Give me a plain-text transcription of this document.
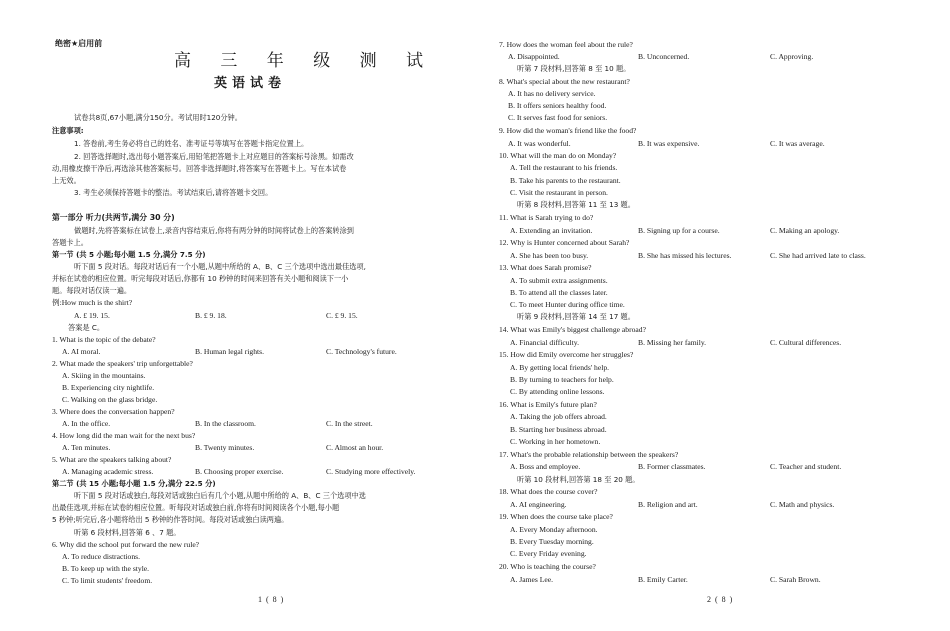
绝密★启用前
高 三 年 级 测 试
英语试卷
试卷共8页,67小题,满分150分。考试用时120分钟。
注意事项:
1. 答卷前,考生务必将自己的姓名、准考证号等填写在答题卡指定位置上。
2. 回答选择题时,选出每小题答案后,用铅笔把答题卡上对应题目的答案标号涂黑。如需改
动,用橡皮擦干净后,再选涂其他答案标号。回答非选择题时,将答案写在答题卡上。写在本试卷
上无效。
3. 考生必须保持答题卡的整洁。考试结束后,请将答题卡交回。
第一部分 听力(共两节,满分 30 分)
做题时,先将答案标在试卷上,录音内容结束后,你将有两分钟的时间将试卷上的答案转涂到
答题卡上。
第一节 (共 5 小题;每小题 1.5 分,满分 7.5 分)
听下面 5 段对话。每段对话后有一个小题,从题中所给的 A、B、C 三个选项中选出最佳选项,
并标在试卷的相应位置。听完每段对话后,你都有 10 秒钟的时间来回答有关小题和阅读下一小
题。每段对话仅读一遍。
例:How much is the shirt?
A. £ 19. 15.	B. £ 9. 18.	C. £ 9. 15.
答案是 C。
1. What is the topic of the debate?
A. AI moral.	B. Human legal rights.	C. Technology's future.
2. What made the speakers' trip unforgettable?
A. Skiing in the mountains.
B. Experiencing city nightlife.
C. Walking on the glass bridge.
3. Where does the conversation happen?
A. In the office.	B. In the classroom.	C. In the street.
4. How long did the man wait for the next bus?
A. Ten minutes.	B. Twenty minutes.	C. Almost an hour.
5. What are the speakers talking about?
A. Managing academic stress.	B. Choosing proper exercise.	C. Studying more effectively.
第二节 (共 15 小题;每小题 1.5 分,满分 22.5 分)
听下面 5 段对话或独白,每段对话或独白后有几个小题,从题中所给的 A、B、C 三个选项中选
出最佳选项,并标在试卷的相应位置。听每段对话或独白前,你将有时间阅读各个小题,每小题
5 秒钟;听完后,各小题将给出 5 秒钟的作答时间。每段对话或独白读两遍。
听第 6 段材料,回答第 6 、7 题。
6. Why did the school put forward the new rule?
A. To reduce distractions.
B. To keep up with the style.
C. To limit students' freedom.
7. How does the woman feel about the rule?
A. Disappointed.	B. Unconcerned.	C. Approving.
听第 7 段材料,回答第 8 至 10 题。
8. What's special about the new restaurant?
A. It has no delivery service.
B. It offers seniors healthy food.
C. It serves fast food for seniors.
9. How did the woman's friend like the food?
A. It was wonderful.	B. It was expensive.	C. It was average.
10. What will the man do on Monday?
A. Tell the restaurant to his friends.
B. Take his parents to the restaurant.
C. Visit the restaurant in person.
听第 8 段材料,回答第 11 至 13 题。
11. What is Sarah trying to do?
A. Extending an invitation.	B. Signing up for a course.	C. Making an apology.
12. Why is Hunter concerned about Sarah?
A. She has been too busy.	B. She has missed his lectures.	C. She had arrived late to class.
13. What does Sarah promise?
A. To submit extra assignments.
B. To attend all the classes later.
C. To meet Hunter during office time.
听第 9 段材料,回答第 14 至 17 题。
14. What was Emily's biggest challenge abroad?
A. Financial difficulty.	B. Missing her family.	C. Cultural differences.
15. How did Emily overcome her struggles?
A. By getting local friends' help.
B. By turning to teachers for help.
C. By attending online lessons.
16. What is Emily's future plan?
A. Taking the job offers abroad.
B. Starting her business abroad.
C. Working in her hometown.
17. What's the probable relationship between the speakers?
A. Boss and employee.	B. Former classmates.	C. Teacher and student.
听第 10 段材料,回答第 18 至 20 题。
18. What does the course cover?
A. AI engineering.	B. Religion and art.	C. Math and physics.
19. When does the course take place?
A. Every Monday afternoon.
B. Every Tuesday morning.
C. Every Friday evening.
20. Who is teaching the course?
A. James Lee.	B. Emily Carter.	C. Sarah Brown.
1 ( 8 )	2 ( 8 )
